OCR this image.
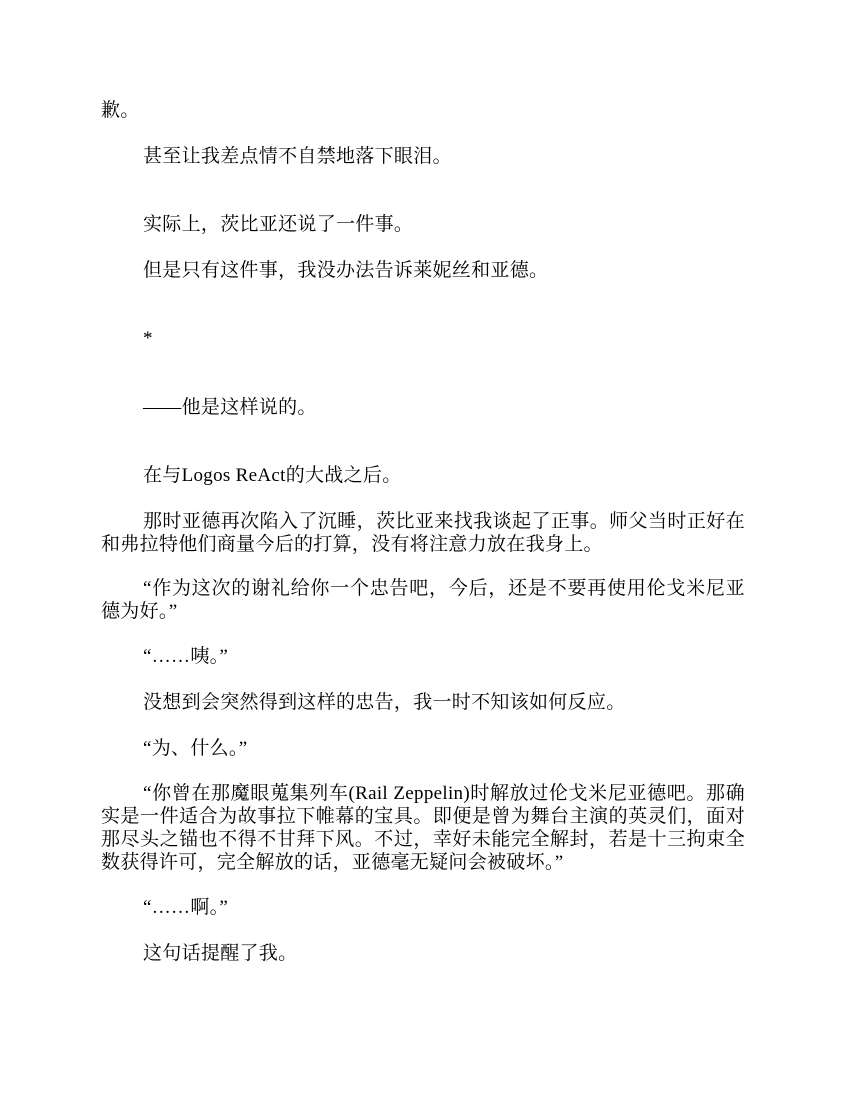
歉。

甚至让我差点情不自禁地落下眼泪。

实际上，茨比亚还说了一件事。

但是只有这件事，我没办法告诉莱妮丝和亚德。

*

——他是这样说的。

在与Logos ReAct的大战之后。

那时亚德再次陷入了沉睡，茨比亚来找我谈起了正事。师父当时正好在和弗拉特他们商量今后的打算，没有将注意力放在我身上。

“作为这次的谢礼给你一个忠告吧，今后，还是不要再使用伦戈米尼亚德为好。”

“……咦。”

没想到会突然得到这样的忠告，我一时不知该如何反应。

“为、什么。”

“你曾在那魔眼蒐集列车(Rail Zeppelin)时解放过伦戈米尼亚德吧。那确实是一件适合为故事拉下帷幕的宝具。即便是曾为舞台主演的英灵们，面对那尽头之锚也不得不甘拜下风。不过，幸好未能完全解封，若是十三拘束全数获得许可，完全解放的话，亚德毫无疑问会被破坏。”

“……啊。”

这句话提醒了我。
